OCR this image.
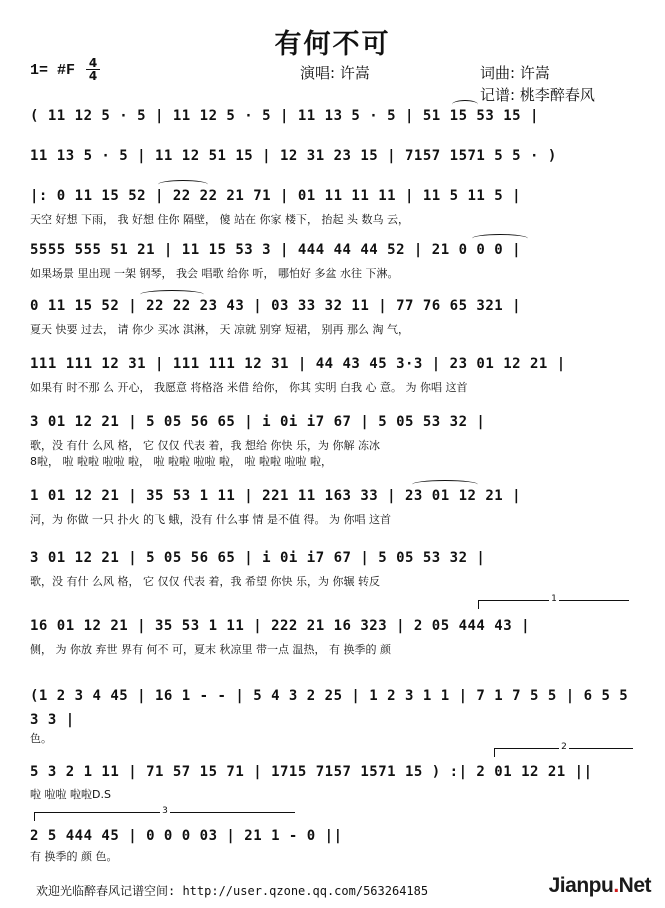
有何不可
1= #F 4
4	演唱: 许嵩	词曲: 许嵩
记谱: 桃李醉春风
( 11 12 5 · 5 | 11 12 5 · 5 | 11 13 5 · 5 | 51 15 53 15 |
11 13 5 · 5 | 11 12 51 15 | 12 31 23 15 | 7157 1571 5 5 · )
|: 0 11 15 52 | 22 22 21 71 | 01 11 11 11 | 11 5 11 5 |
天空 好想 下雨， 我 好想 住你 隔壁， 傻 站在 你家 楼下， 抬起 头 数乌 云，
5555 555 51 21 | 11 15 53 3 | 444 44 44 52 | 21 0 0 0 |
如果场景 里出现 一架 钢琴， 我会 唱歌 给你 听， 哪怕好 多盆 水往 下淋。
0 11 15 52 | 22 22 23 43 | 03 33 32 11 | 77 76 65 321 |
夏天 快要 过去， 请 你少 买冰 淇淋， 天 凉就 别穿 短裙， 别再 那么 淘 气，
111 111 12 31 | 111 111 12 31 | 44 43 45 3·3 | 23 01 12 21 |
如果有 时不那 么 开心， 我愿意 将格洛 米借 给你， 你其 实明 白我 心 意。 为 你唱 这首
3 01 12 21 | 5 05 56 65 | i 0i i7 67 | 5 05 53 32 |
歌，没 有什 么风 格， 它 仅仅 代表 着，我 想给 你快 乐，为 你解 冻冰
8啦， 啦 啦啦 啦啦 啦， 啦 啦啦 啦啦 啦， 啦 啦啦 啦啦 啦，
1 01 12 21 | 35 53 1 11 | 221 11 163 33 | 23 01 12 21 |
河，为 你做 一只 扑火 的飞 蛾，没有 什么事 情 是不值 得。 为 你唱 这首
3 01 12 21 | 5 05 56 65 | i 0i i7 67 | 5 05 53 32 |
歌，没 有什 么风 格， 它 仅仅 代表 着，我 希望 你快 乐，为 你辗 转反
1
16 01 12 21 | 35 53 1 11 | 222 21 16 323 | 2 05 444 43 |
侧， 为 你放 弃世 界有 何不 可，夏末 秋凉里 带一点 温热， 有 换季的 颜
(1 2 3 4 45 | 16 1 - - | 5 4 3 2 25 | 1 2 3 1 1 | 7 1 7 5 5 | 6 5 5 3 3 |
色。
2
5 3 2 1 11 | 71 57 15 71 | 1715 7157 1571 15 ) :| 2 01 12 21 ||
啦 啦啦 啦啦D.S
3
2 5 444 45 | 0 0 0 03 | 21 1 - 0 ||
有 换季的 颜 色。
欢迎光临醉春风记谱空间: http://user.qzone.qq.com/563264185	Jianpu.Net
